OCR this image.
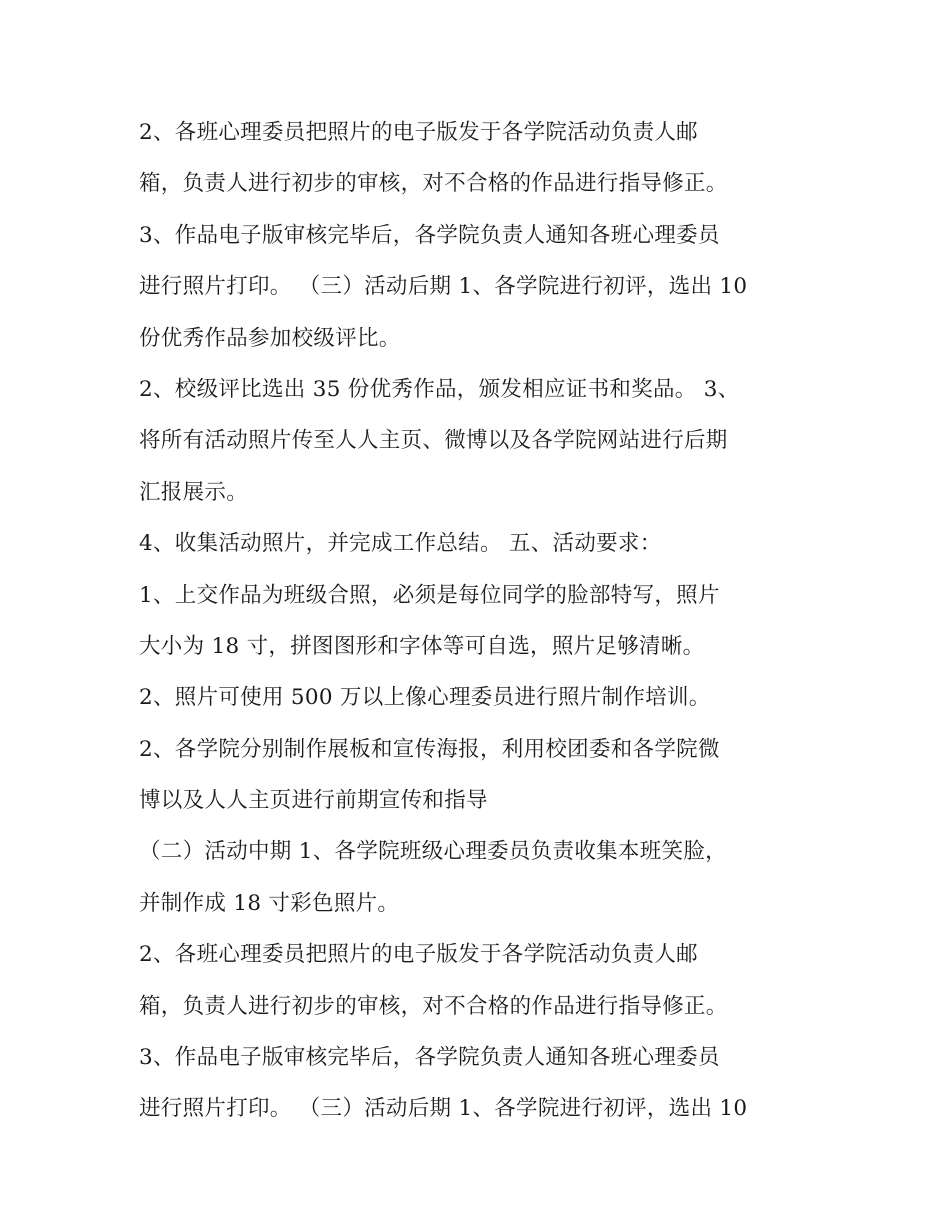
2、各班心理委员把照片的电子版发于各学院活动负责人邮
箱，负责人进行初步的审核，对不合格的作品进行指导修正。
3、作品电子版审核完毕后，各学院负责人通知各班心理委员
进行照片打印。 （三）活动后期 1、各学院进行初评，选出 10
份优秀作品参加校级评比。
2、校级评比选出 35 份优秀作品，颁发相应证书和奖品。 3、
将所有活动照片传至人人主页、微博以及各学院网站进行后期
汇报展示。
4、收集活动照片，并完成工作总结。 五、活动要求：
1、上交作品为班级合照，必须是每位同学的脸部特写，照片
大小为 18 寸，拼图图形和字体等可自选，照片足够清晰。
2、照片可使用 500 万以上像心理委员进行照片制作培训。
2、各学院分别制作展板和宣传海报，利用校团委和各学院微
博以及人人主页进行前期宣传和指导
（二）活动中期 1、各学院班级心理委员负责收集本班笑脸，
并制作成 18 寸彩色照片。
2、各班心理委员把照片的电子版发于各学院活动负责人邮
箱，负责人进行初步的审核，对不合格的作品进行指导修正。
3、作品电子版审核完毕后，各学院负责人通知各班心理委员
进行照片打印。 （三）活动后期 1、各学院进行初评，选出 10
